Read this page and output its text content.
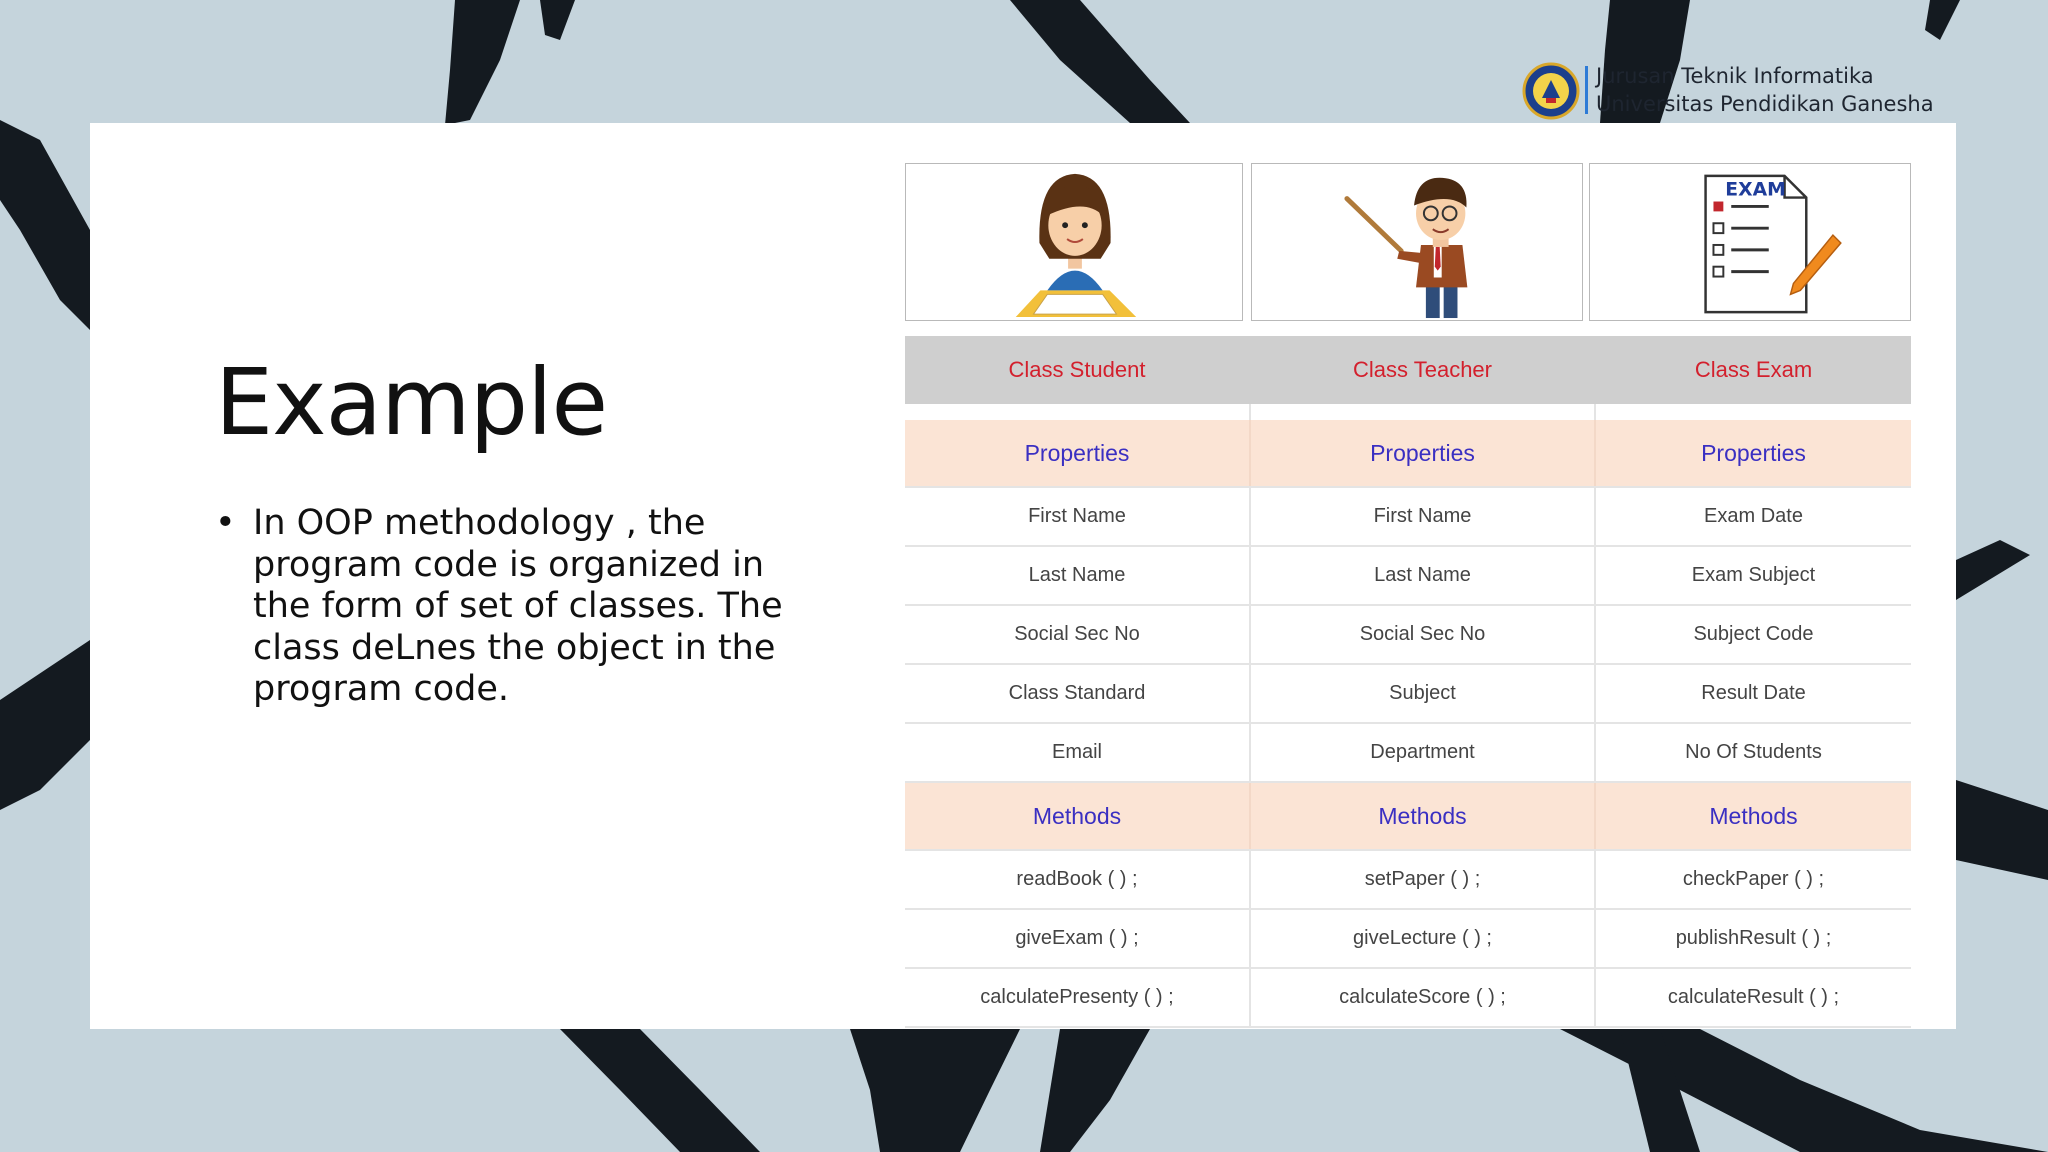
Jurusan Teknik Informatika
Universitas Pendidikan Ganesha
Example
• In OOP methodology , the program code is organized in the form of set of classes. The class deLnes the object in the program code.
EXAM
Class Student	Class Teacher	Class Exam

Properties	Properties	Properties
First Name	First Name	Exam Date
Last Name	Last Name	Exam Subject
Social Sec No	Social Sec No	Subject Code
Class Standard	Subject	Result Date
Email	Department	No Of Students
Methods	Methods	Methods
readBook ( ) ;	setPaper ( ) ;	checkPaper ( ) ;
giveExam ( ) ;	giveLecture ( ) ;	publishResult ( ) ;
calculatePresenty ( ) ;	calculateScore ( ) ;	calculateResult ( ) ;
